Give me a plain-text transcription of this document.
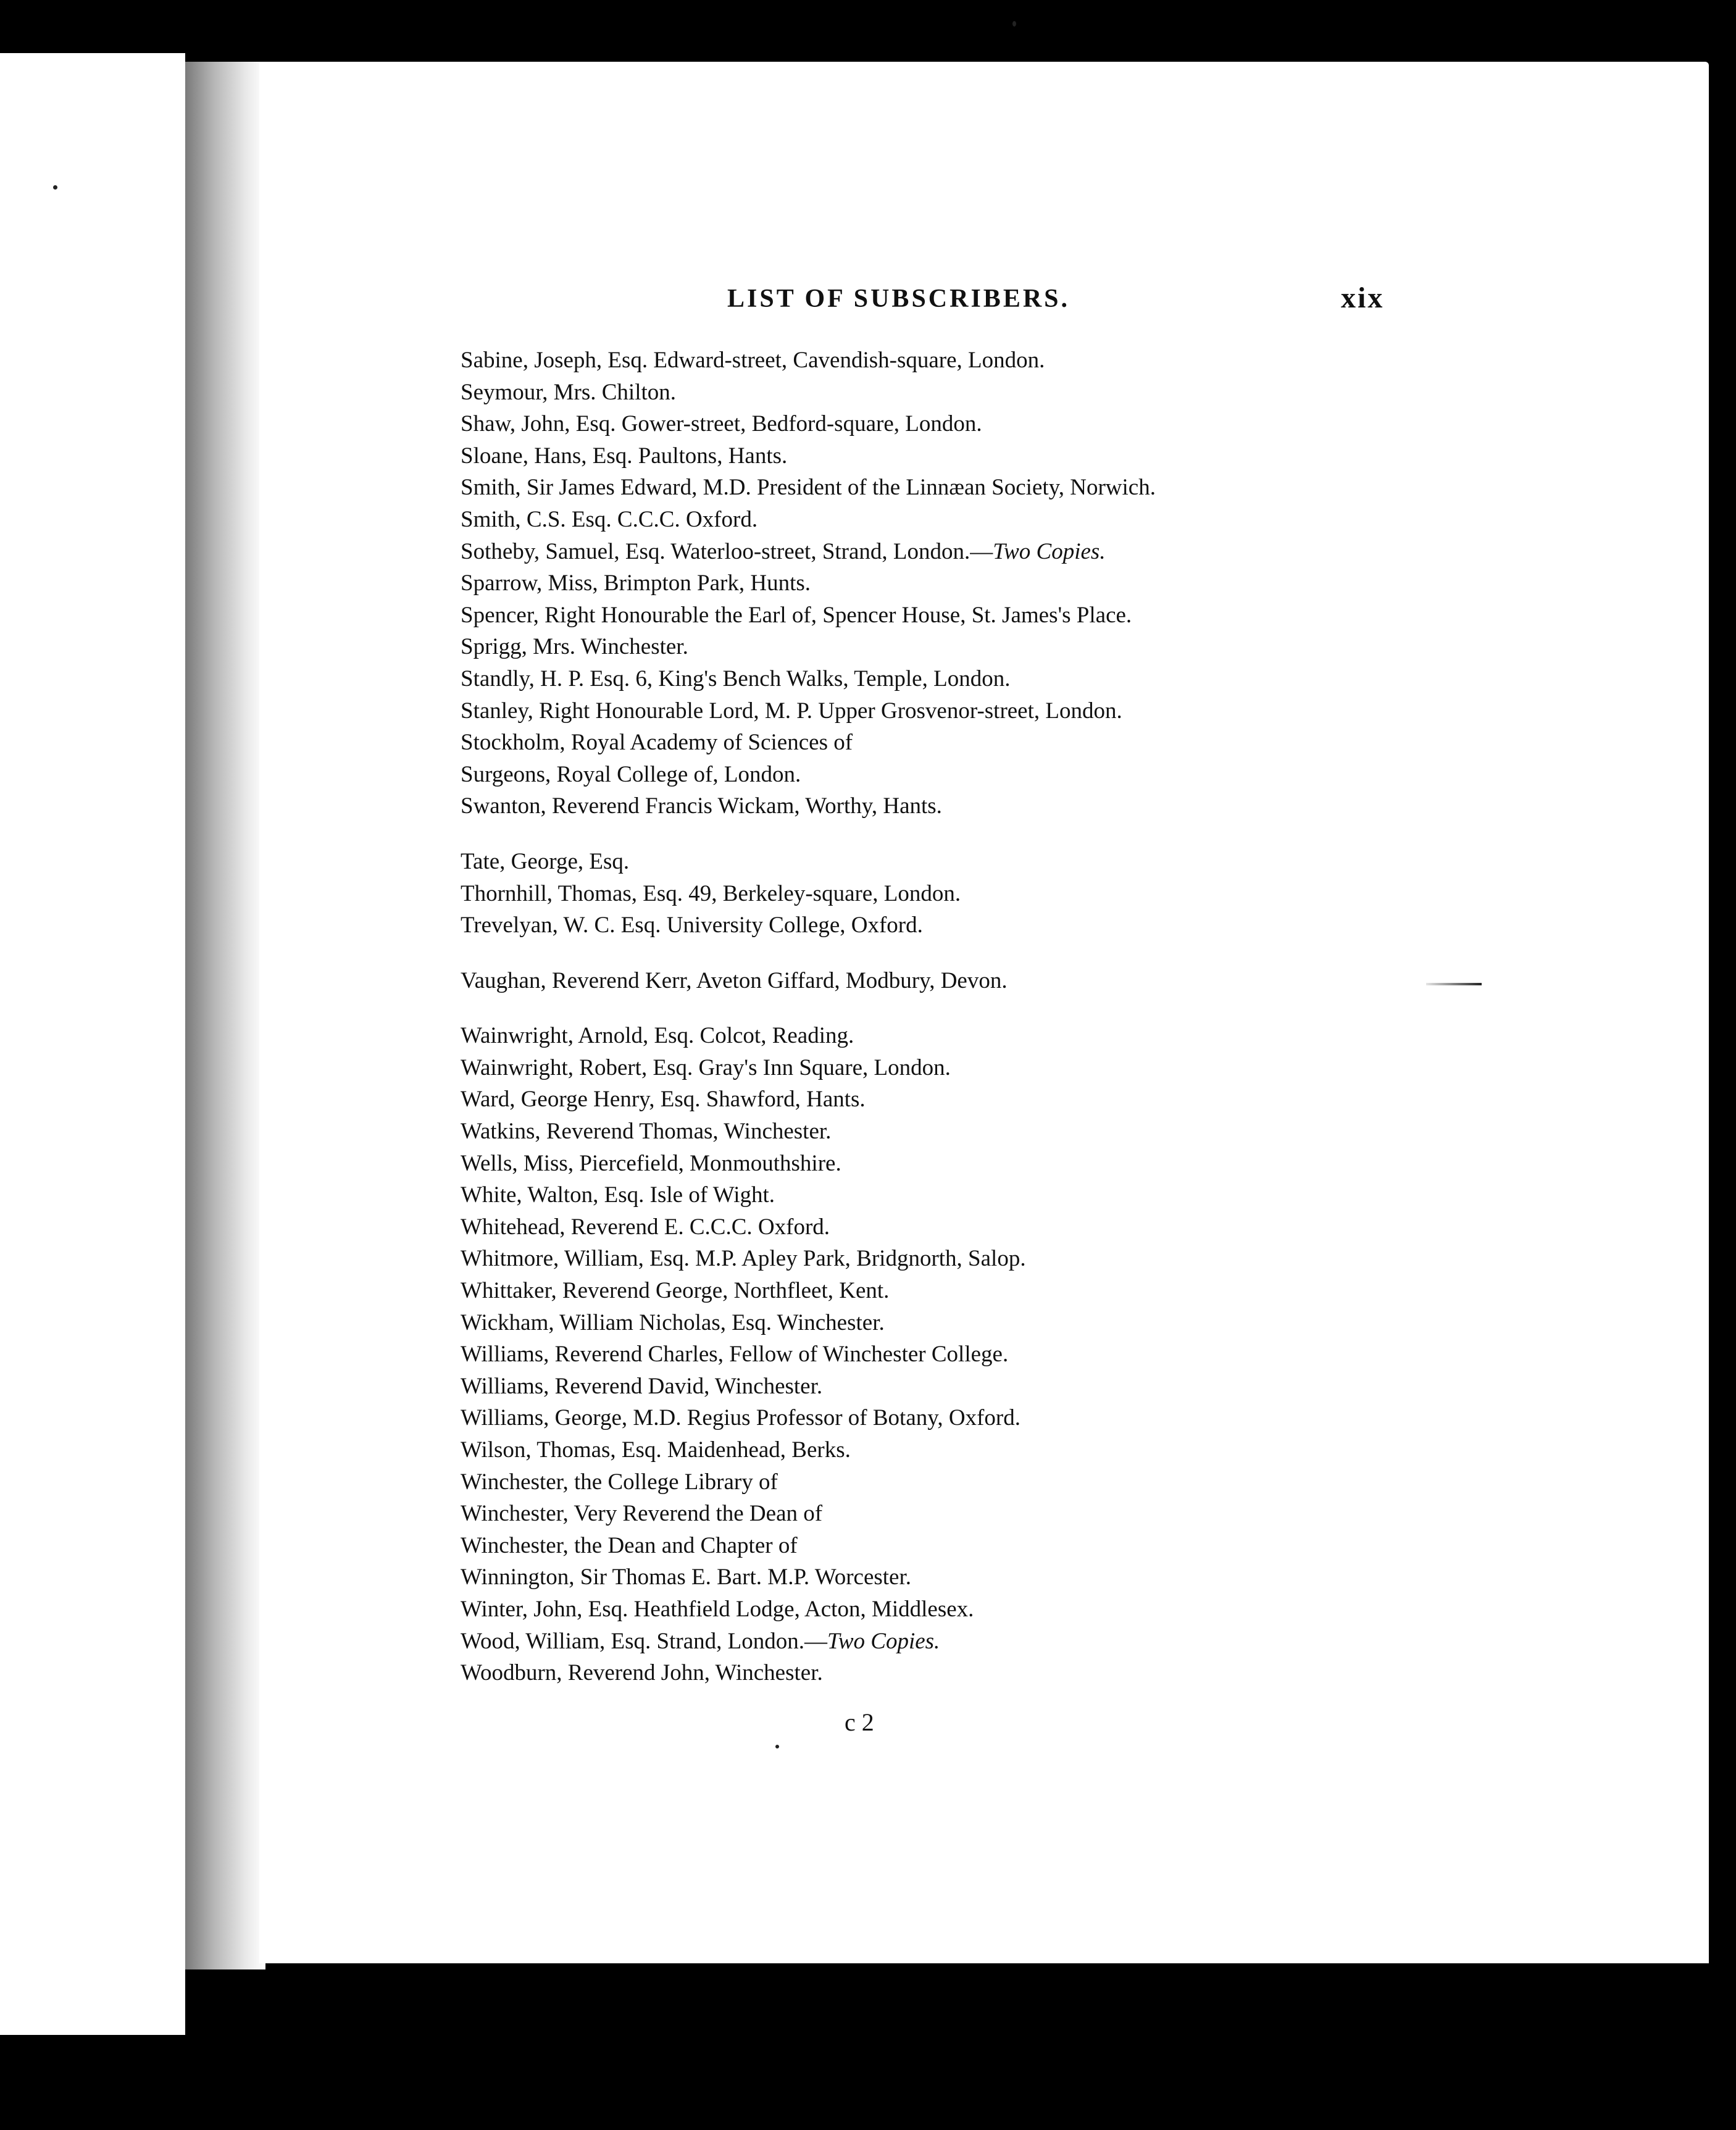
LIST OF SUBSCRIBERS.	xix
Sabine, Joseph, Esq. Edward-street, Cavendish-square, London.
Seymour, Mrs. Chilton.
Shaw, John, Esq. Gower-street, Bedford-square, London.
Sloane, Hans, Esq. Paultons, Hants.
Smith, Sir James Edward, M.D. President of the Linnæan Society, Norwich.
Smith, C.S. Esq. C.C.C. Oxford.
Sotheby, Samuel, Esq. Waterloo-street, Strand, London.—Two Copies.
Sparrow, Miss, Brimpton Park, Hunts.
Spencer, Right Honourable the Earl of, Spencer House, St. James's Place.
Sprigg, Mrs. Winchester.
Standly, H. P. Esq. 6, King's Bench Walks, Temple, London.
Stanley, Right Honourable Lord, M. P. Upper Grosvenor-street, London.
Stockholm, Royal Academy of Sciences of
Surgeons, Royal College of, London.
Swanton, Reverend Francis Wickam, Worthy, Hants.
Tate, George, Esq.
Thornhill, Thomas, Esq. 49, Berkeley-square, London.
Trevelyan, W. C. Esq. University College, Oxford.
Vaughan, Reverend Kerr, Aveton Giffard, Modbury, Devon.
Wainwright, Arnold, Esq. Colcot, Reading.
Wainwright, Robert, Esq. Gray's Inn Square, London.
Ward, George Henry, Esq. Shawford, Hants.
Watkins, Reverend Thomas, Winchester.
Wells, Miss, Piercefield, Monmouthshire.
White, Walton, Esq. Isle of Wight.
Whitehead, Reverend E. C.C.C. Oxford.
Whitmore, William, Esq. M.P. Apley Park, Bridgnorth, Salop.
Whittaker, Reverend George, Northfleet, Kent.
Wickham, William Nicholas, Esq. Winchester.
Williams, Reverend Charles, Fellow of Winchester College.
Williams, Reverend David, Winchester.
Williams, George, M.D. Regius Professor of Botany, Oxford.
Wilson, Thomas, Esq. Maidenhead, Berks.
Winchester, the College Library of
Winchester, Very Reverend the Dean of
Winchester, the Dean and Chapter of
Winnington, Sir Thomas E. Bart. M.P. Worcester.
Winter, John, Esq. Heathfield Lodge, Acton, Middlesex.
Wood, William, Esq. Strand, London.—Two Copies.
Woodburn, Reverend John, Winchester.
c 2
